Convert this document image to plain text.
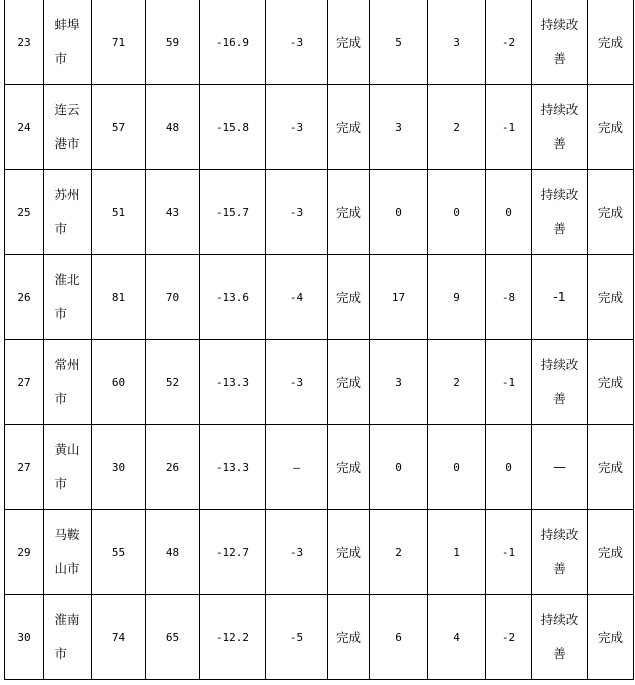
23	蚌埠市	71	59	-16.9	-3	完成	5	3	-2	持续改善	完成
24	连云港市	57	48	-15.8	-3	完成	3	2	-1	持续改善	完成
25	苏州市	51	43	-15.7	-3	完成	0	0	0	持续改善	完成
26	淮北市	81	70	-13.6	-4	完成	17	9	-8	-1	完成
27	常州市	60	52	-13.3	-3	完成	3	2	-1	持续改善	完成
27	黄山市	30	26	-13.3	—	完成	0	0	0	—	完成
29	马鞍山市	55	48	-12.7	-3	完成	2	1	-1	持续改善	完成
30	淮南市	74	65	-12.2	-5	完成	6	4	-2	持续改善	完成
